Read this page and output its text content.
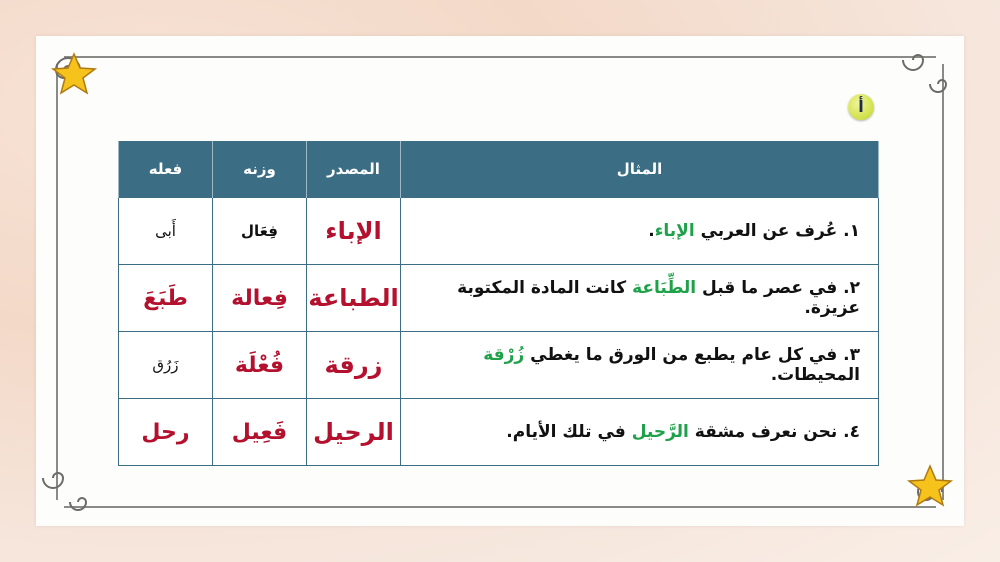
أ
المثال	المصدر	وزنه	فعله
١. عُرف عن العربي الإباء.	الإباء	فِعَال	أَبى
٢. في عصر ما قبل الطِّبَاعة كانت المادة المكتوبة عزيزة.	الطباعة	فِعالة	طَبَعَ
٣. في كل عام يطبع من الورق ما يغطي زُرْقة المحيطات.	زرقة	فُعْلَة	زَرُق
٤. نحن نعرف مشقة الرَّحيل في تلك الأيام.	الرحيل	فَعِيل	رحل
